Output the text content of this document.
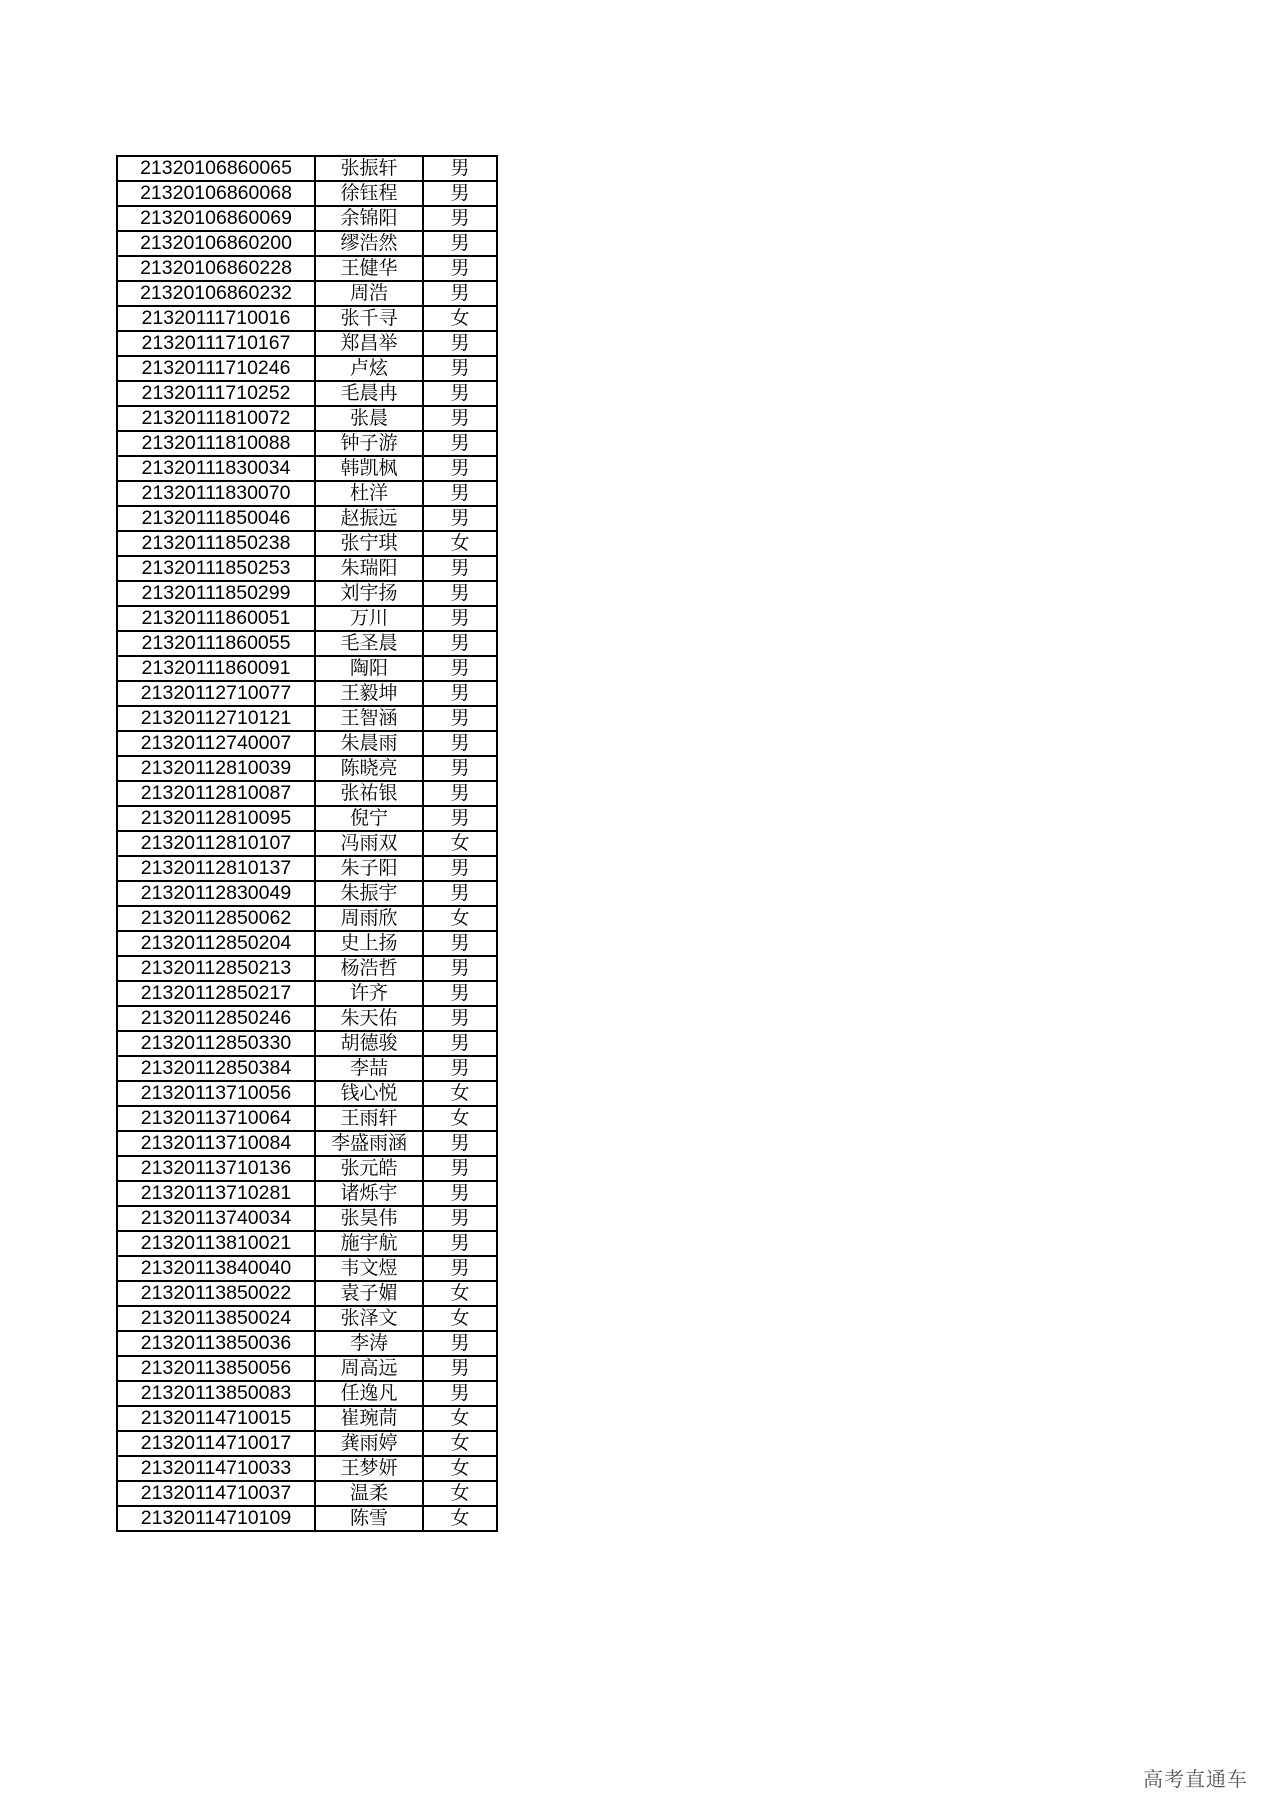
21320106860065	张振轩	男
21320106860068	徐钰程	男
21320106860069	余锦阳	男
21320106860200	缪浩然	男
21320106860228	王健华	男
21320106860232	周浩	男
21320111710016	张千寻	女
21320111710167	郑昌举	男
21320111710246	卢炫	男
21320111710252	毛晨冉	男
21320111810072	张晨	男
21320111810088	钟子游	男
21320111830034	韩凯枫	男
21320111830070	杜洋	男
21320111850046	赵振远	男
21320111850238	张宁琪	女
21320111850253	朱瑞阳	男
21320111850299	刘宇扬	男
21320111860051	万川	男
21320111860055	毛圣晨	男
21320111860091	陶阳	男
21320112710077	王毅坤	男
21320112710121	王智涵	男
21320112740007	朱晨雨	男
21320112810039	陈晓亮	男
21320112810087	张祐银	男
21320112810095	倪宁	男
21320112810107	冯雨双	女
21320112810137	朱子阳	男
21320112830049	朱振宇	男
21320112850062	周雨欣	女
21320112850204	史上扬	男
21320112850213	杨浩哲	男
21320112850217	许齐	男
21320112850246	朱天佑	男
21320112850330	胡德骏	男
21320112850384	李喆	男
21320113710056	钱心悦	女
21320113710064	王雨轩	女
21320113710084	李盛雨涵	男
21320113710136	张元皓	男
21320113710281	诸烁宇	男
21320113740034	张昊伟	男
21320113810021	施宇航	男
21320113840040	韦文煜	男
21320113850022	袁子媚	女
21320113850024	张泽文	女
21320113850036	李涛	男
21320113850056	周高远	男
21320113850083	任逸凡	男
21320114710015	崔琬茼	女
21320114710017	龚雨婷	女
21320114710033	王梦妍	女
21320114710037	温柔	女
21320114710109	陈雪	女
高考直通车
